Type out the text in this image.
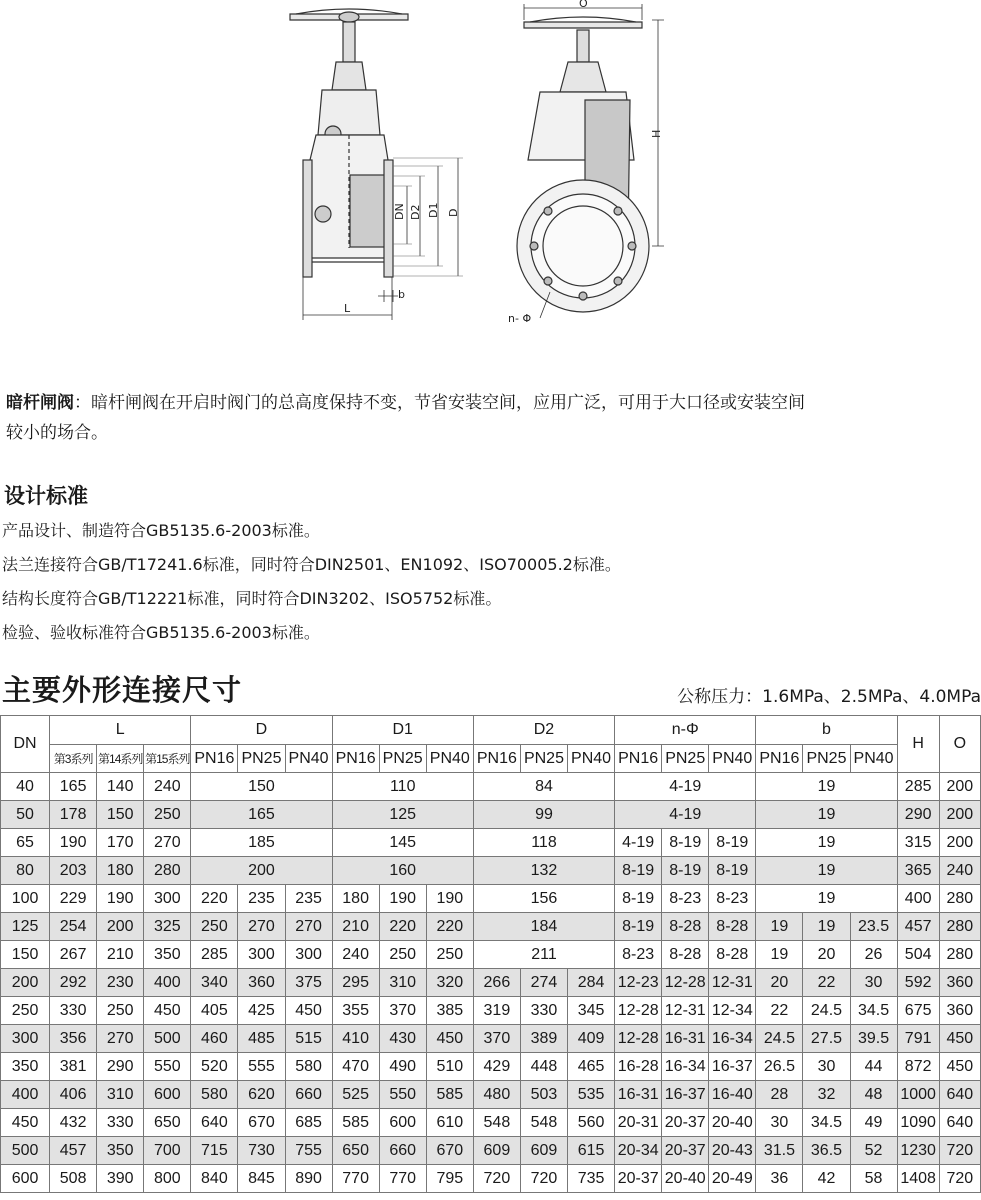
DN D2 D1 D
L
b
O
H
n- Φ
暗杆闸阀：暗杆闸阀在开启时阀门的总高度保持不变，节省安装空间，应用广泛，可用于大口径或安装空间
较小的场合。
设计标准
产品设计、制造符合GB5135.6-2003标准。
法兰连接符合GB/T17241.6标准，同时符合DIN2501、EN1092、ISO70005.2标准。
结构长度符合GB/T12221标准，同时符合DIN3202、ISO5752标准。
检验、验收标准符合GB5135.6-2003标准。
主要外形连接尺寸	公称压力：1.6MPa、2.5MPa、4.0MPa
DN	L			D			D1			D2			n-Φ			b			H	O
	第3系列	第14系列	第15系列	PN16	PN25	PN40	PN16	PN25	PN40	PN16	PN25	PN40	PN16	PN25	PN40	PN16	PN25	PN40		
40	165	140	240	150			110			84			4-19			19			285	200
50	178	150	250	165			125			99			4-19			19			290	200
65	190	170	270	185			145			118			4-19	8-19	8-19	19			315	200
80	203	180	280	200			160			132			8-19	8-19	8-19	19			365	240
100	229	190	300	220	235	235	180	190	190	156			8-19	8-23	8-23	19			400	280
125	254	200	325	250	270	270	210	220	220	184			8-19	8-28	8-28	19	19	23.5	457	280
150	267	210	350	285	300	300	240	250	250	211			8-23	8-28	8-28	19	20	26	504	280
200	292	230	400	340	360	375	295	310	320	266	274	284	12-23	12-28	12-31	20	22	30	592	360
250	330	250	450	405	425	450	355	370	385	319	330	345	12-28	12-31	12-34	22	24.5	34.5	675	360
300	356	270	500	460	485	515	410	430	450	370	389	409	12-28	16-31	16-34	24.5	27.5	39.5	791	450
350	381	290	550	520	555	580	470	490	510	429	448	465	16-28	16-34	16-37	26.5	30	44	872	450
400	406	310	600	580	620	660	525	550	585	480	503	535	16-31	16-37	16-40	28	32	48	1000	640
450	432	330	650	640	670	685	585	600	610	548	548	560	20-31	20-37	20-40	30	34.5	49	1090	640
500	457	350	700	715	730	755	650	660	670	609	609	615	20-34	20-37	20-43	31.5	36.5	52	1230	720
600	508	390	800	840	845	890	770	770	795	720	720	735	20-37	20-40	20-49	36	42	58	1408	720
